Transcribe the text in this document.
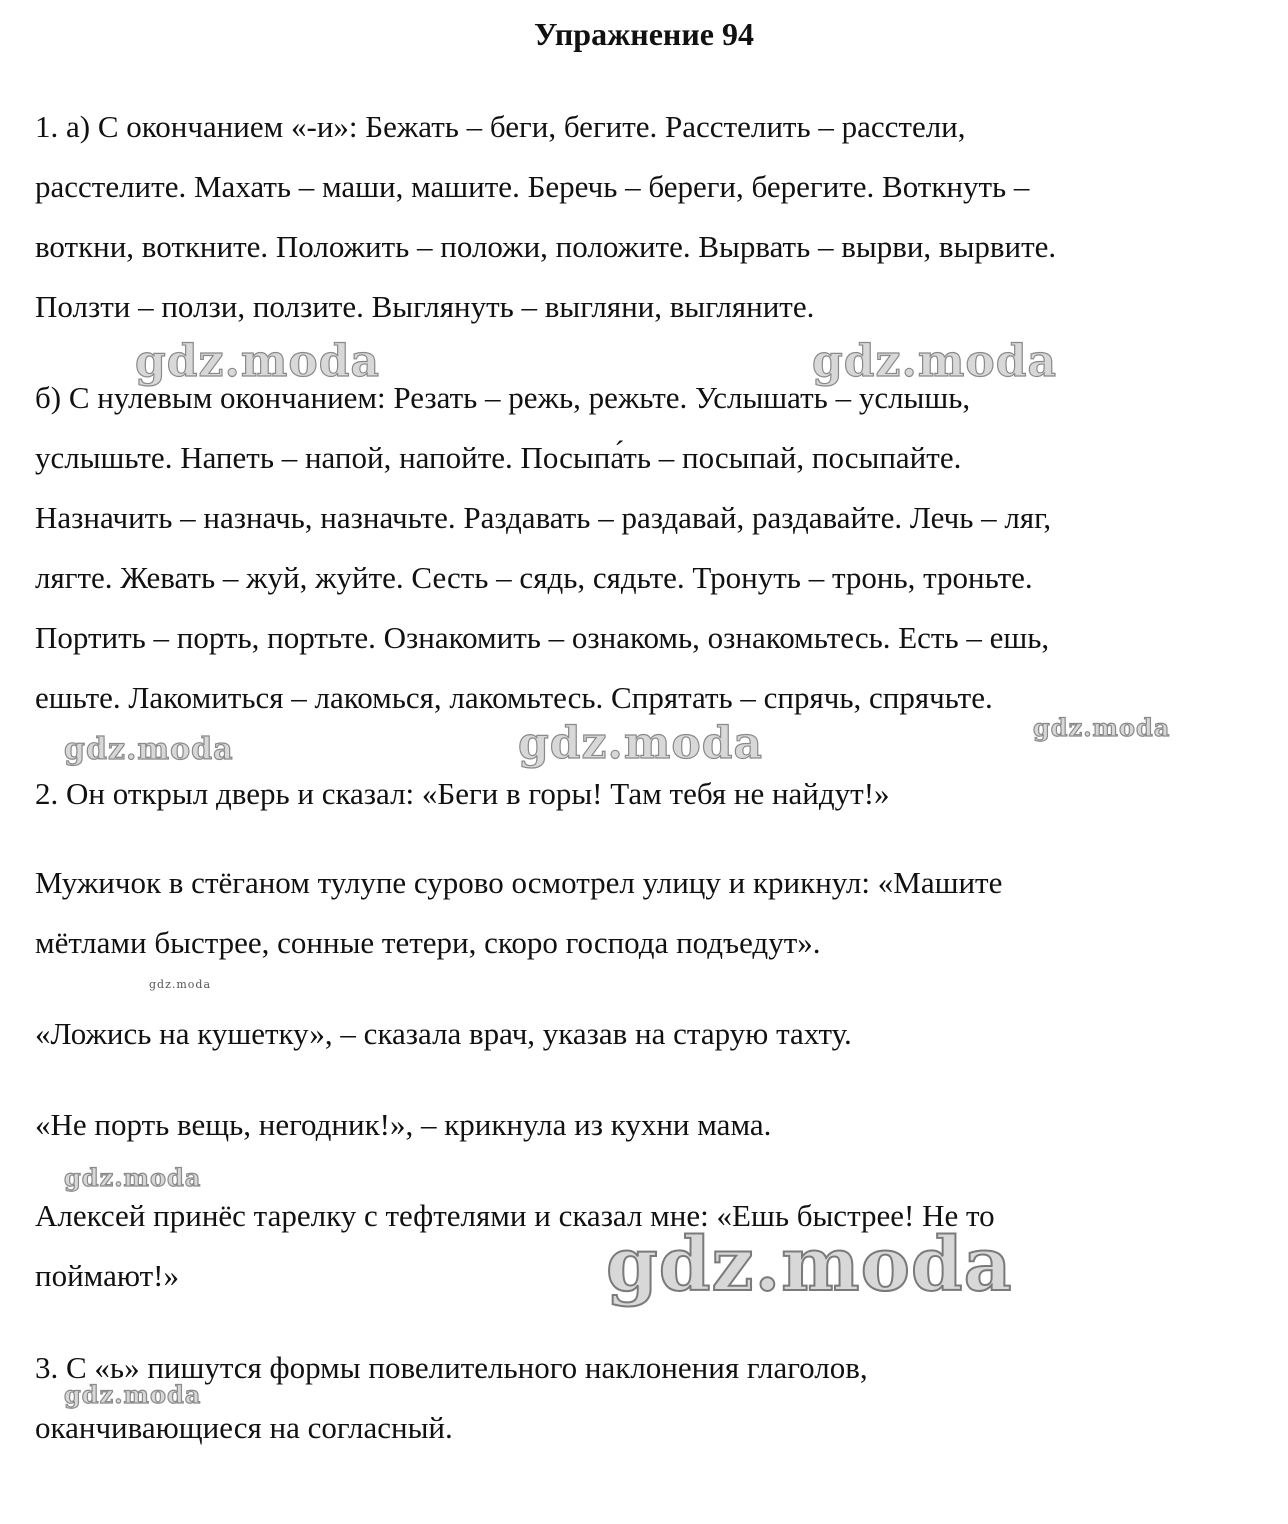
Упражнение 94
1. а) С окончанием «-и»: Бежать – беги, бегите. Расстелить – расстели,
расстелите. Махать – маши, машите. Беречь – береги, берегите. Воткнуть –
воткни, воткните. Положить – положи, положите. Вырвать – вырви, вырвите.
Ползти – ползи, ползите. Выглянуть – выгляни, выгляните.
б) С нулевым окончанием: Резать – режь, режьте. Услышать – услышь,
услышьте. Напеть – напой, напойте. Посыпа́ть – посыпай, посыпайте.
Назначить – назначь, назначьте. Раздавать – раздавай, раздавайте. Лечь – ляг,
лягте. Жевать – жуй, жуйте. Сесть – сядь, сядьте. Тронуть – тронь, троньте.
Портить – порть, портьте. Ознакомить – ознакомь, ознакомьтесь. Есть – ешь,
ешьте. Лакомиться – лакомься, лакомьтесь. Спрятать – спрячь, спрячьте.
2. Он открыл дверь и сказал: «Беги в горы! Там тебя не найдут!»
Мужичок в стёганом тулупе сурово осмотрел улицу и крикнул: «Машите
мётлами быстрее, сонные тетери, скоро господа подъедут».
«Ложись на кушетку», – сказала врач, указав на старую тахту.
«Не порть вещь, негодник!», – крикнула из кухни мама.
Алексей принёс тарелку с тефтелями и сказал мне: «Ешь быстрее! Не то
поймают!»
3. С «ь» пишутся формы повелительного наклонения глаголов,
оканчивающиеся на согласный.
gdz.moda	gdz.moda
gdz.moda	gdz.moda	gdz.moda
gdz.moda
gdz.moda
gdz.moda
gdz.moda
